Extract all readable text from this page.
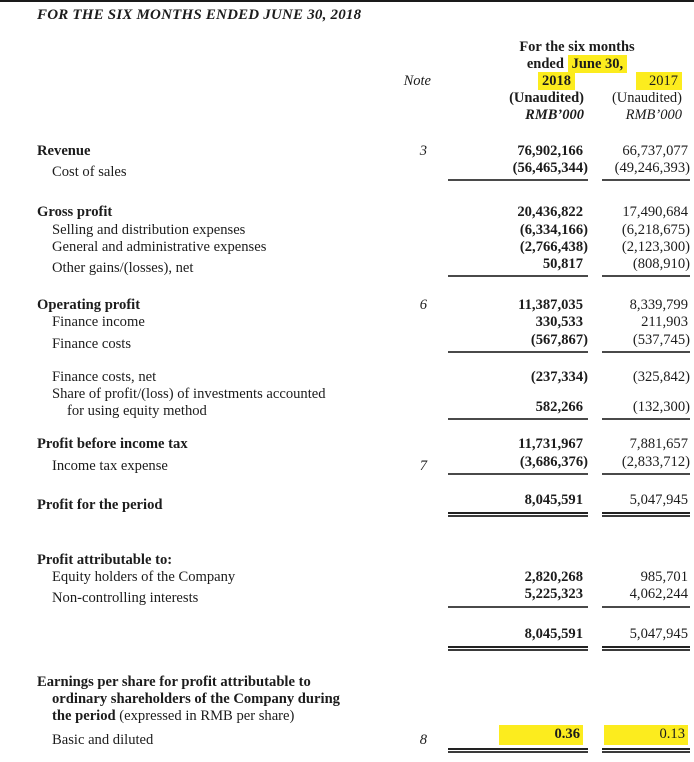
FOR THE SIX MONTHS ENDED JUNE 30, 2018
For the six months
ended June 30,
Note	2018	2017
(Unaudited)	(Unaudited)
RMB’000	RMB’000
Revenue	3	76,902,166	66,737,077
Cost of sales	(56,465,344)	(49,246,393)
Gross profit	20,436,822	17,490,684
Selling and distribution expenses	(6,334,166)	(6,218,675)
General and administrative expenses	(2,766,438)	(2,123,300)
Other gains/(losses), net	50,817	(808,910)
Operating profit	6	11,387,035	8,339,799
Finance income	330,533	211,903
Finance costs	(567,867)	(537,745)
Finance costs, net	(237,334)	(325,842)
Share of profit/(loss) of investments accounted
for using equity method	582,266	(132,300)
Profit before income tax	11,731,967	7,881,657
Income tax expense	7	(3,686,376)	(2,833,712)
Profit for the period	8,045,591	5,047,945
Profit attributable to:
Equity holders of the Company	2,820,268	985,701
Non-controlling interests	5,225,323	4,062,244
8,045,591	5,047,945
Earnings per share for profit attributable to
ordinary shareholders of the Company during
the period (expressed in RMB per share)
Basic and diluted	8	0.36	0.13
